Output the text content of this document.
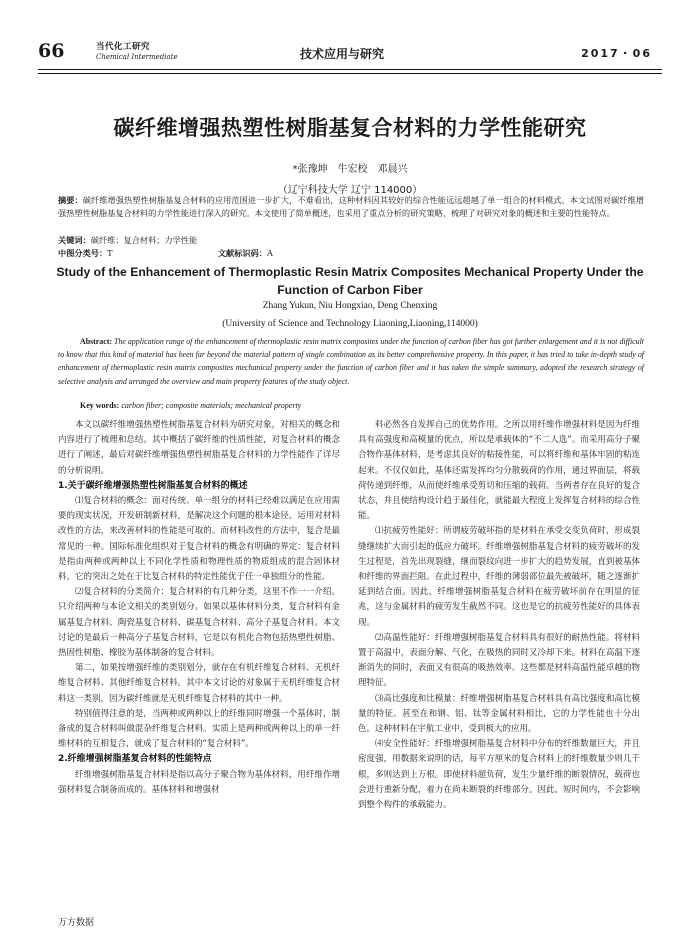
66	当代化工研究
Chemical Intermediate	技术应用与研究	2017・06
碳纤维增强热塑性树脂基复合材料的力学性能研究
*张豫坤　牛宏校　邓晨兴
（辽宁科技大学 辽宁 114000）
摘要：碳纤维增强热塑性树脂基复合材料的应用范围进一步扩大，不难看出，这种材料因其较好的综合性能远远超越了单一组合的材料模式。本文试图对碳纤维增强热塑性树脂基复合材料的力学性能进行深入的研究。本文使用了简单概述，也采用了重点分析的研究策略，梳理了对研究对象的概述和主要的性能特点。
关键词：碳纤维；复合材料；力学性能
中图分类号：T	文献标识码：A
Study of the Enhancement of Thermoplastic Resin Matrix Composites Mechanical Property Under the Function of Carbon Fiber
Zhang Yukun, Niu Hongxiao, Deng Chenxing
(University of Science and Technology Liaoning,Liaoning,114000)
Abstract: The application range of the enhancement of thermoplastic resin matrix composites under the function of carbon fiber has got further enlargement and it is not difficult to know that this kind of material has been far beyond the material pattern of single combination as its better comprehensive property. In this paper, it has tried to take in-depth study of enhancement of thermoplastic resin matrix composites mechanical property under the function of carbon fiber and it has taken the simple summary, adopted the research strategy of selective analysis and arranged the overview and main property features of the study object.
Key words: carbon fiber; composite materials; mechanical property

本文以碳纤维增强热塑性树脂基复合材料为研究对象，对相关的概念和内容进行了梳理和总结。其中概括了碳纤维的性质性能，对复合材料的概念进行了阐述，最后对碳纤维增强热塑性树脂基复合材料的力学性能作了详尽的分析说明。

1.关于碳纤维增强热塑性树脂基复合材料的概述

⑴复合材料的概念：面对传统、单一组分的材料已经难以满足在应用需要的现实状况，开发研制新材料，是解决这个问题的根本途径。运用对材料改性的方法，来改善材料的性能是可取的。而材料改性的方法中，复合是最常见的一种。国际标准化组织对于复合材料的概念有明确的界定：复合材料是指由两种或两种以上不同化学性质和物理性质的物质组成的混合固体材料。它的突出之处在于比复合材料的特定性能优于任一单独组分的性能。

⑵复合材料的分类简介：复合材料的有几种分类，这里不作一一介绍。只介绍两种与本论文相关的类别划分。如果以基体材料分类，复合材料有金属基复合材料、陶瓷基复合材料、碳基复合材料、高分子基复合材料。本文讨论的是最后一种高分子基复合材料，它是以有机化合物包括热塑性树脂、热固性树脂、橡胶为基体制备的复合材料。

第二，如果按增强纤维的类别划分，就存在有机纤维复合材料、无机纤维复合材料、其他纤维复合材料。其中本文讨论的对象属于无机纤维复合材料这一类别，因为碳纤维就是无机纤维复合材料的其中一种。

特别值得注意的是，当两种或两种以上的纤维同时增强一个基体时，制备成的复合材料叫做混杂纤维复合材料。实质上是两种或两种以上的单一纤维材料的互相复合，就成了复合材料的“复合材料”。

2.纤维增强树脂基复合材料的性能特点

纤维增强树脂基复合材料是指以高分子聚合物为基体材料，用纤维作增强材料复合制备而成的。基体材料和增强材

料必然各自发挥自己的优势作用。之所以用纤维作增强材料是因为纤维具有高强度和高模量的优点，所以是承载体的“不二人选”。而采用高分子聚合物作基体材料，是考虑其良好的粘接性能，可以将纤维和基体牢固的粘连起来。不仅仅如此，基体还需发挥均匀分散载荷的作用，通过界面层，将载荷传递到纤维，从而使纤维承受剪切和压缩的载荷。当两者存在良好的复合状态，并且使结构设计趋于最佳化，就能最大程度上发挥复合材料的综合性能。

⑴抗疲劳性能好：所谓疲劳破坏指的是材料在承受交变负荷时，形成裂缝继续扩大而引起的低应力破坏。纤维增强树脂基复合材料的疲劳破坏的发生过程是，首先出现裂缝，继而裂纹向进一步扩大的趋势发展，直到被基体和纤维的界面拦阻。在此过程中，纤维的薄弱部位最先被破坏，随之逐渐扩延到结合面。因此，纤维增强树脂基复合材料在疲劳破坏前存在明显的征兆，这与金属材料的疲劳发生截然不同。这也是它的抗疲劳性能好的具体表现。

⑵高温性能好：纤维增强树脂基复合材料具有很好的耐热性能。将材料置于高温中，表面分解、气化，在吸热的同时又冷却下来。材料在高温下逐渐消失的同时，表面又有很高的吸热效率。这些都是材料高温性能卓越的物理特征。

⑶高比强度和比模量：纤维增强树脂基复合材料具有高比强度和高比模量的特征。甚至在和钢、铝、钛等金属材料相比，它的力学性能也十分出色。这种材料在宇航工业中，受到极大的应用。

⑷安全性能好：纤维增强树脂基复合材料中分布的纤维数量巨大，并且密度强，用数据来说明的话，每平方厘米的复合材料上的纤维数量少则几千根，多则达到上万根。即使材料超负荷，发生少量纤维的断裂情况，载荷也会进行重新分配，着力在尚未断裂的纤维部分。因此，短时间内，不会影响到整个构件的承载能力。

万方数据
